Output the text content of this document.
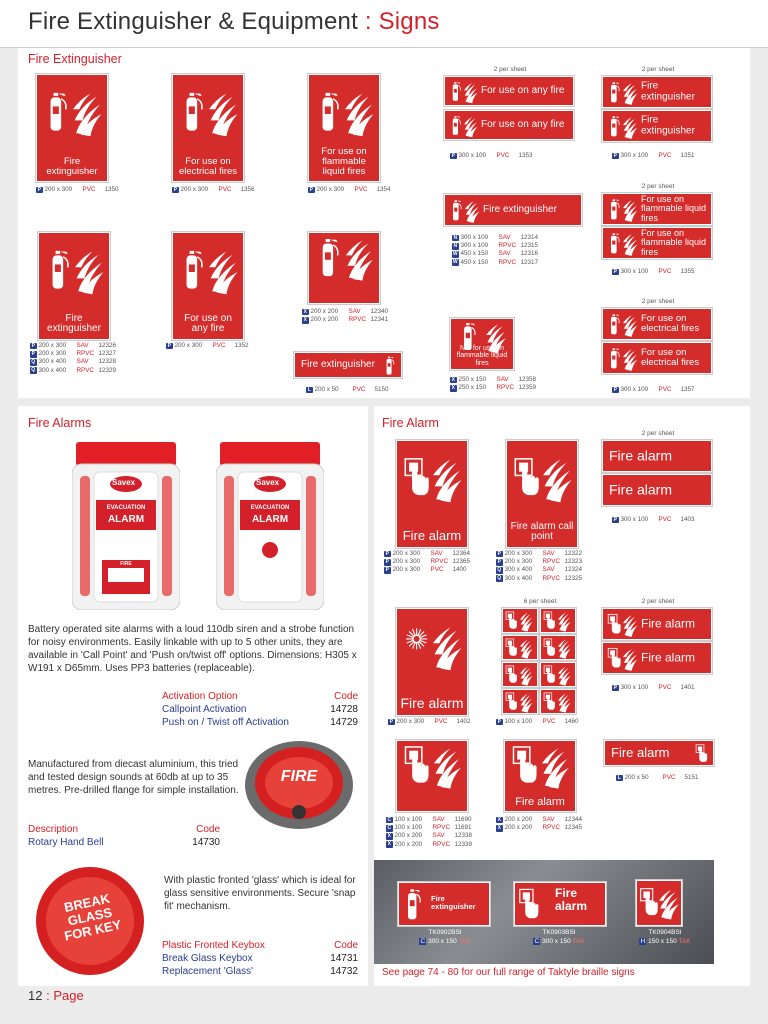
Fire Extinguisher & Equipment : Signs
Fire Extinguisher
Fire Alarms
Savex
EVACUATION
ALARM
FIRE
Savex
EVACUATION
ALARM
Battery operated site alarms with a loud 110db siren and a strobe function for noisy environments. Easily linkable with up to 5 other units, they are available in 'Call Point' and 'Push on/twist off' options. Dimensions: H305 x W191 x D65mm. Uses PP3 batteries (replaceable).
Activation Option	Code
Callpoint Activation	14728
Push on / Twist off Activation	14729
Manufactured from diecast aluminium, this tried and tested design sounds at 60db at up to 35 metres. Pre-drilled flange for simple installation.
FIRE
Description	Code
Rotary Hand Bell	14730
BREAK GLASS FOR KEY
With plastic fronted 'glass' which is ideal for glass sensitive environments. Secure 'snap fit' mechanism.
Plastic Fronted Keybox	Code
Break Glass Keybox	14731
Replacement 'Glass'	14732
Fire Alarm
See page 74 - 80 for our full range of Taktyle braille signs
12 : Page
Fire extinguisher
P 200 x 300	PVC	1350
For use on electrical fires
P 200 x 300	PVC	1356
For use on flammable liquid fires
P 200 x 300	PVC	1354
2 per sheet
For use on any fire
For use on any fire
P 300 x 100	PVC	1353
2 per sheet
Fire extinguisher
Fire extinguisher
P 300 x 100	PVC	1351
Fire extinguisher
N 300 x 100	SAV	12314
N 300 x 100	RPVC 12315
W 450 x 150	SAV	12316
W 450 x 150	RPVC 12317
2 per sheet
For use on flammable liquid fires
For use on flammable liquid fires
P 300 x 100	PVC	1355
Fire extinguisher
P 200 x 300	SAV	12326
P 200 x 300	RPVC 12327
Q 300 x 400	SAV	12328
Q 300 x 400	RPVC 12329
For use on any fire
P 200 x 300	PVC	1352
X 200 x 200	SAV	12340
X 200 x 200	RPVC 12341
Fire extinguisher
L 200 x 50	PVC	5150
Not for use on flammable liquid fires
X 250 x 150	SAV	12358
X 250 x 150	RPVC 12359
2 per sheet
For use on electrical fires
For use on electrical fires
P 300 x 100	PVC	1357
Fire alarm
P 200 x 300	SAV	12364
P 200 x 300	RPVC 12365
P 200 x 300	PVC	1400
Fire alarm call point
P 200 x 300	SAV	12322
P 200 x 300	RPVC 12323
Q 300 x 400	SAV	12324
Q 300 x 400	RPVC 12325
2 per sheet
Fire alarm
Fire alarm
P 300 x 100	PVC	1403
Fire alarm
P 200 x 300	PVC	1402
6 per sheet
P 100 x 100	PVC	1460
2 per sheet
Fire alarm
Fire alarm
P 300 x 100	PVC	1401
C 100 x 100	SAV	11690
C 100 x 100	RPVC 11691
X 200 x 200	SAV	12338
X 200 x 200	RPVC 12339
Fire alarm
X 200 x 200	SAV	12344
X 200 x 200	RPVC 12345
Fire alarm
L 200 x 50	PVC	5151
Fire extinguisher
Fire alarm
TK0902BSI
C 300 x 150 TAK
TK0903BSI
C 300 x 150 TAK
TK0904BSI
H 150 x 150 TAK
